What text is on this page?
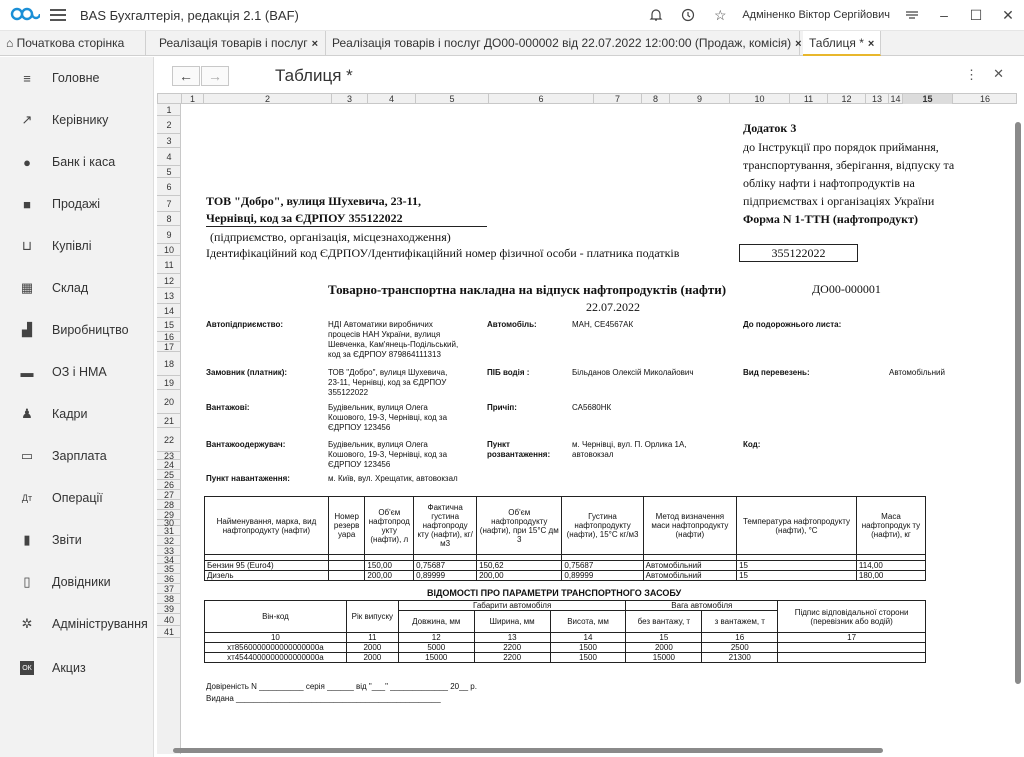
BAS Бухгалтерія, редакція 2.1 (BAF)	☆	Адміненко Віктор Сергійович	–	☐	✕
⌂ Початкова сторінка	Реалізація товарів і послуг ×	Реалізація товарів і послуг ДО00-000002 від 22.07.2022 12:00:00 (Продаж, комісія) × Таблиця * ×
≡ Головне
↗ Керівнику
● Банк і каса
■ Продажі
⊔ Купівлі
▦ Склад
▟ Виробництво
▬ ОЗ і НМА
♟ Кадри
▭ Зарплата
Дт Операції
▮ Звіти
▯ Довідники
✲ Адміністрування
ОК Акциз
←	→	Таблиця *	⋮ ✕
1	2	3	4	5	6	7	8	9	10	11	12	13 14	15	16
1
2
3
4
5
6
7
8
9
10
11
12
13
14
15
16
17
18
19
20
21
22
23
24
25
26
27
28
29
30
31
32
33
34
35
36
37
38
39
40
41
Додаток 3
до Інструкції про порядок приймання,
транспортування, зберігання, відпуску та
обліку нафти і нафтопродуктів на
підприємствах і організаціях України
Форма N 1-ТТН (нафтопродукт)
ТОВ "Добро", вулиця Шухевича, 23-11,
Чернівці, код за ЄДРПОУ 355122022
(підприємство, організація, місцезнаходження)
Ідентифікаційний код ЄДРПОУ/Ідентифікаційний номер фізичної особи - платника податків	355122022
Товарно-транспортна накладна на відпуск нафтопродуктів (нафти)	ДО00-000001
22.07.2022
Автопідприємство:	НДІ Автоматики виробничих
процесів НАН України, вулиця
Шевченка, Кам'янець-Подільський,
код за ЄДРПОУ 879864111313
Автомобіль:	МАН, СЕ4567АК	До подорожнього листа:
Замовник (платник):	ТОВ "Добро", вулиця Шухевича,
23-11, Чернівці, код за ЄДРПОУ
355122022
ПІБ водія :	Більданов Олексій Миколайович	Вид перевезень:	Автомобільний
Вантажові:	Будівельник, вулиця Олега
Кошового, 19-3, Чернівці, код за
ЄДРПОУ 123456
Причіп:	СА5680НК
Вантажоодержувач:	Будівельник, вулиця Олега
Кошового, 19-3, Чернівці, код за
ЄДРПОУ 123456
Пункт
розвантаження:
м. Чернівці, вул. П. Орлика 1А,
автовокзал
Код:
Пункт навантаження:	м. Київ, вул. Хрещатик, автовокзал
Найменування, марка, вид нафтопродукту (нафти)	Номер резерв уара	Об'єм нафтопрод укту (нафти), л	Фактична густина нафтопроду кту (нафти), кг/м3	Об'єм нафтопродукту (нафти), при 15°С дм 3	Густина нафтопродукту (нафти), 15°С кг/м3	Метод визначення маси нафтопродукту (нафти)	Температура нафтопродукту (нафти), °С	Маса нафтопродук ту (нафти), кг

Бензин 95 (Euro4)		150,00	0,75687	150,62	0,75687	Автомобільний	15	114,00
Дизель		200,00	0,89999	200,00	0,89999	Автомобільний	15	180,00
ВІДОМОСТІ ПРО ПАРАМЕТРИ ТРАНСПОРТНОГО ЗАСОБУ
Він-код	Рік випуску	Габарити автомобіля			Вага автомобіля		Підпис відповідальної сторони (перевізник або водій)
		Довжина, мм	Ширина, мм	Висота, мм	без вантажу, т	з вантажем, т	
10	11	12	13	14	15	16	17
хт8560000000000000000а	2000	5000	2200	1500	2000	2500	
хт4544000000000000000а	2000	15000	2200	1500	15000	21300	
Довіреність N __________ серія ______ від "___" _____________ 20__ р.
Видана ______________________________________________
